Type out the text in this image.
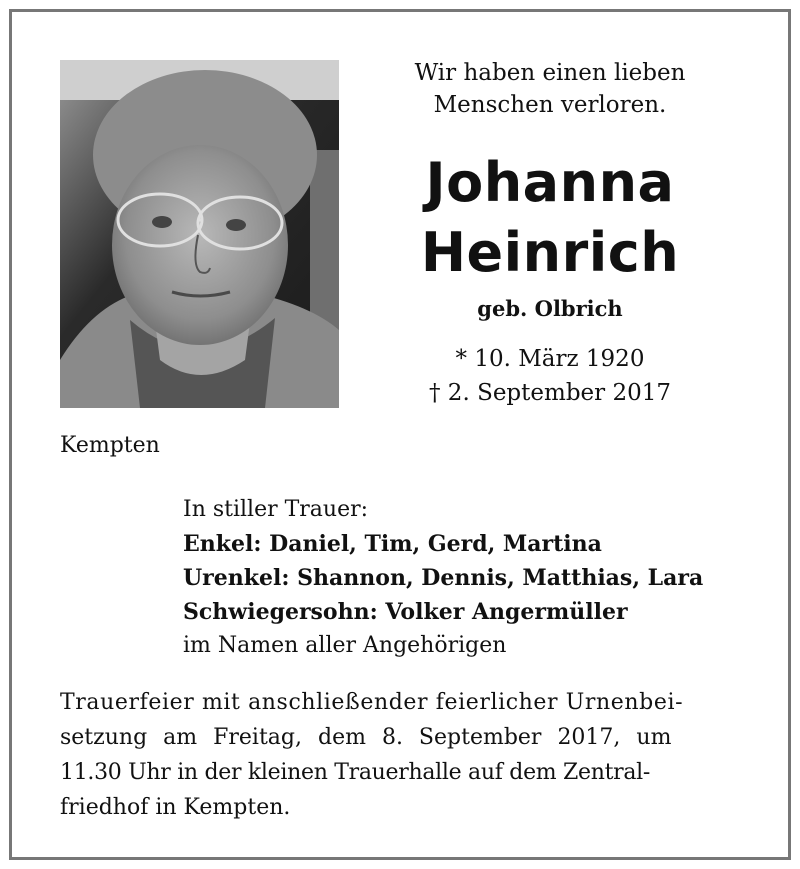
Wir haben einen lieben
Menschen verloren.
Johanna
Heinrich
geb. Olbrich
* 10. März 1920
† 2. September 2017
Kempten
In stiller Trauer:
Enkel: Daniel, Tim, Gerd, Martina
Urenkel: Shannon, Dennis, Matthias, Lara
Schwiegersohn: Volker Angermüller
im Namen aller Angehörigen
Trauerfeier mit anschließender feierlicher Urnenbei-
setzung am Freitag, dem 8. September 2017, um
11.30 Uhr in der kleinen Trauerhalle auf dem Zentral-
friedhof in Kempten.
